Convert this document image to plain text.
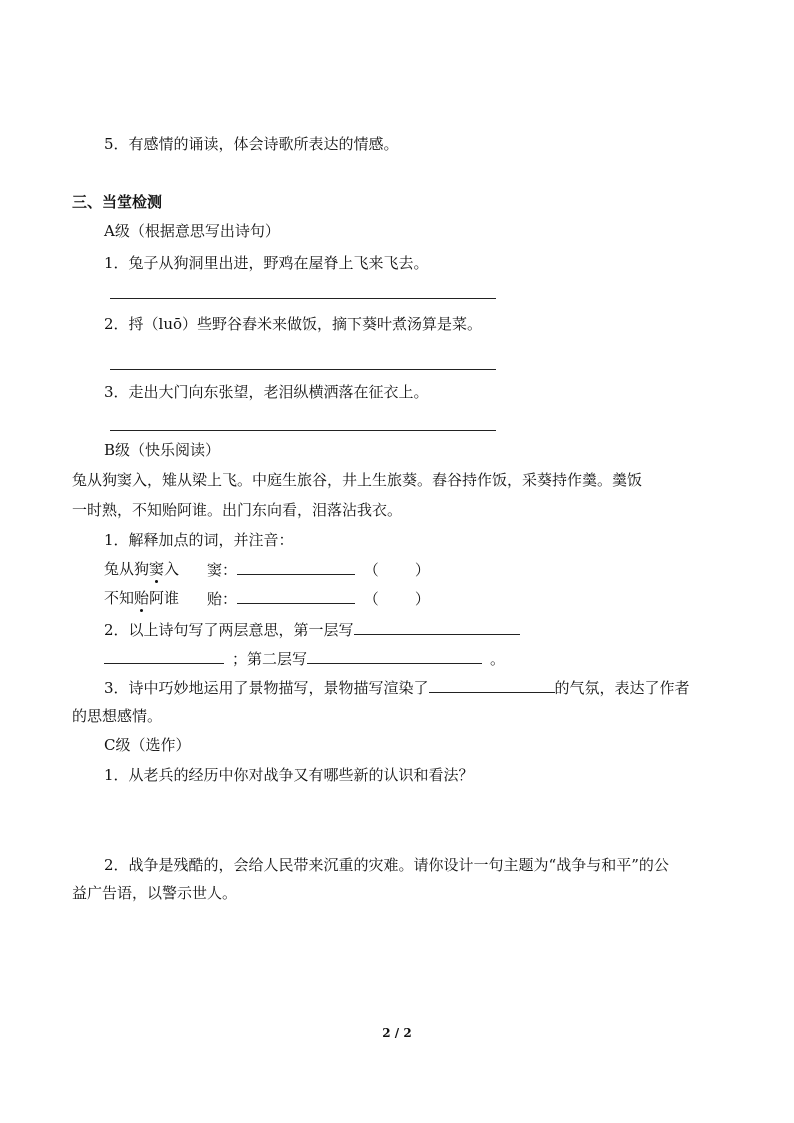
5．有感情的诵读，体会诗歌所表达的情感。
三、当堂检测
A级（根据意思写出诗句）
1．兔子从狗洞里出进，野鸡在屋脊上飞来飞去。
2．捋（luō）些野谷舂米来做饭，摘下葵叶煮汤算是菜。
3．走出大门向东张望，老泪纵横洒落在征衣上。
B级（快乐阅读）
兔从狗窦入，雉从梁上飞。中庭生旅谷，井上生旅葵。舂谷持作饭，采葵持作羹。羹饭
一时熟，不知贻阿谁。出门东向看，泪落沾我衣。
1．解释加点的词，并注音：
兔从狗窦入 窦：	（ ）
不知贻阿谁 贻：	（ ）
2．以上诗句写了两层意思，第一层写
；第二层写	。
3．诗中巧妙地运用了景物描写，景物描写渲染了	的气氛，表达了作者
的思想感情。
C级（选作）
1．从老兵的经历中你对战争又有哪些新的认识和看法？
2．战争是残酷的，会给人民带来沉重的灾难。请你设计一句主题为“战争与和平”的公
益广告语，以警示世人。
2 / 2
